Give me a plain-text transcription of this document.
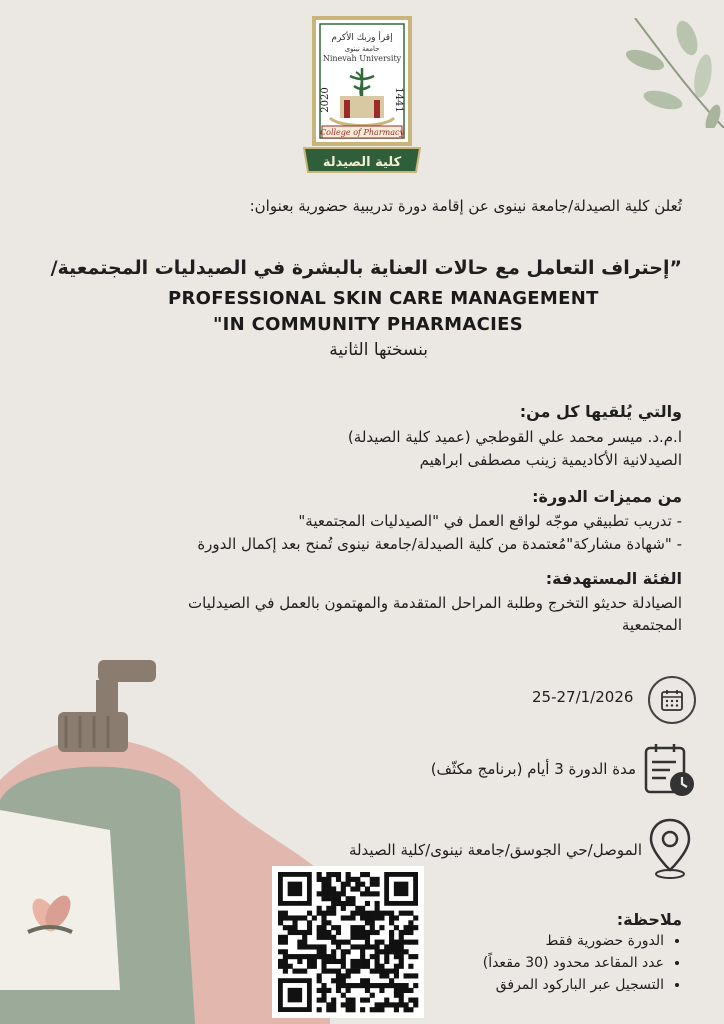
إقرأ وربك الأكرم
جامعة نينوى
Ninevah University
2020	1441
College of Pharmacy
كلية الصيدلة
تُعلن كلية الصيدلة/جامعة نينوى عن إقامة دورة تدريبية حضورية بعنوان:
”إحتراف التعامل مع حالات العناية بالبشرة في الصيدليات المجتمعية/
PROFESSIONAL SKIN CARE MANAGEMENT
"IN COMMUNITY PHARMACIES
بنسختها الثانية
والتي يُلقيها كل من:
ا.م.د. ميسر محمد علي القوطجي (عميد كلية الصيدلة)
الصيدلانية الأكاديمية زينب مصطفى ابراهيم
من مميزات الدورة:
- تدريب تطبيقي موجّه لواقع العمل في "الصيدليات المجتمعية"
- "شهادة مشاركة"مُعتمدة من كلية الصيدلة/جامعة نينوى تُمنح بعد إكمال الدورة
الفئة المستهدفة:
الصيادلة حديثو التخرج وطلبة المراحل المتقدمة والمهتمون بالعمل في الصيدليات
المجتمعية
25-27/1/2026
مدة الدورة 3 أيام (برنامج مكثّف)
الموصل/حي الجوسق/جامعة نينوى/كلية الصيدلة
ملاحظة:
• الدورة حضورية فقط
• عدد المقاعد محدود (30 مقعداً)
• التسجيل عبر الباركود المرفق
